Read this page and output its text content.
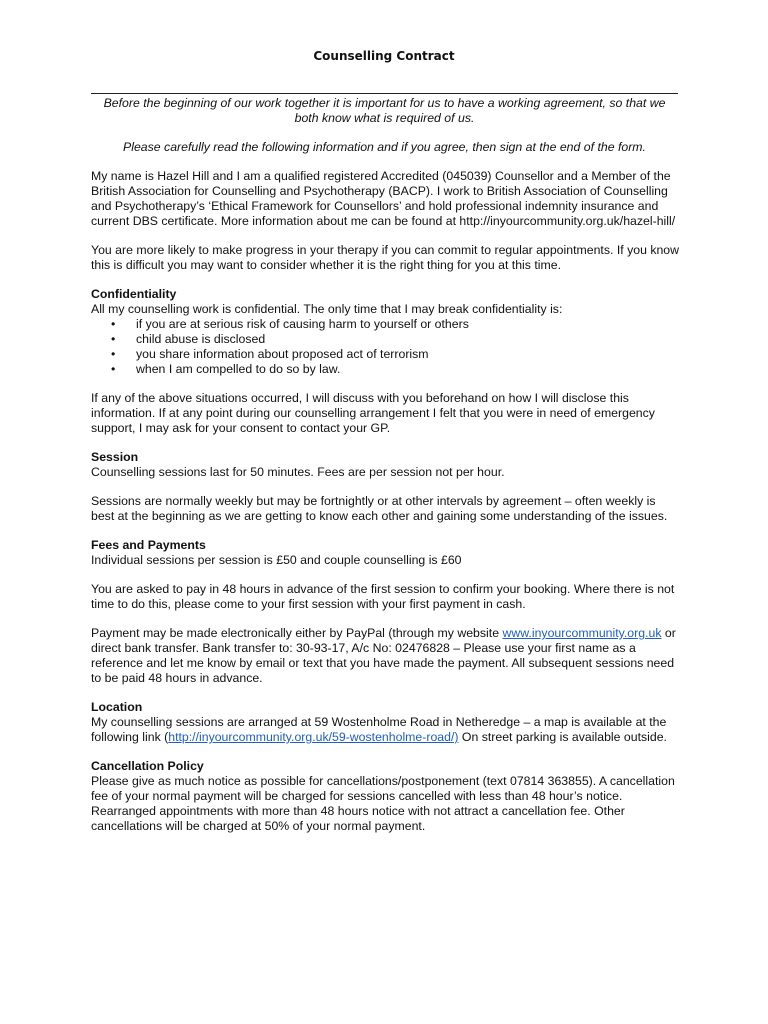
Counselling Contract

Before the beginning of our work together it is important for us to have a working agreement, so that we both know what is required of us.

Please carefully read the following information and if you agree, then sign at the end of the form.

My name is Hazel Hill and I am a qualified registered Accredited (045039) Counsellor and a Member of the British Association for Counselling and Psychotherapy (BACP). I work to British Association of Counselling and Psychotherapy’s ‘Ethical Framework for Counsellors’ and hold professional indemnity insurance and current DBS certificate. More information about me can be found at http://inyourcommunity.org.uk/hazel-hill/

You are more likely to make progress in your therapy if you can commit to regular appointments. If you know this is difficult you may want to consider whether it is the right thing for you at this time.

Confidentiality
All my counselling work is confidential. The only time that I may break confidentiality is:
• if you are at serious risk of causing harm to yourself or others
• child abuse is disclosed
• you share information about proposed act of terrorism
• when I am compelled to do so by law.

If any of the above situations occurred, I will discuss with you beforehand on how I will disclose this information. If at any point during our counselling arrangement I felt that you were in need of emergency support, I may ask for your consent to contact your GP.

Session

Counselling sessions last for 50 minutes. Fees are per session not per hour.

Sessions are normally weekly but may be fortnightly or at other intervals by agreement – often weekly is best at the beginning as we are getting to know each other and gaining some understanding of the issues.

Fees and Payments

Individual sessions per session is £50 and couple counselling is £60

You are asked to pay in 48 hours in advance of the first session to confirm your booking. Where there is not time to do this, please come to your first session with your first payment in cash.

Payment may be made electronically either by PayPal (through my website www.inyourcommunity.org.uk or direct bank transfer. Bank transfer to: 30-93-17, A/c No: 02476828 – Please use your first name as a reference and let me know by email or text that you have made the payment. All subsequent sessions need to be paid 48 hours in advance.

Location

My counselling sessions are arranged at 59 Wostenholme Road in Netheredge – a map is available at the following link (http://inyourcommunity.org.uk/59-wostenholme-road/) On street parking is available outside.

Cancellation Policy

Please give as much notice as possible for cancellations/postponement (text 07814 363855). A cancellation fee of your normal payment will be charged for sessions cancelled with less than 48 hour’s notice. Rearranged appointments with more than 48 hours notice with not attract a cancellation fee. Other cancellations will be charged at 50% of your normal payment.
